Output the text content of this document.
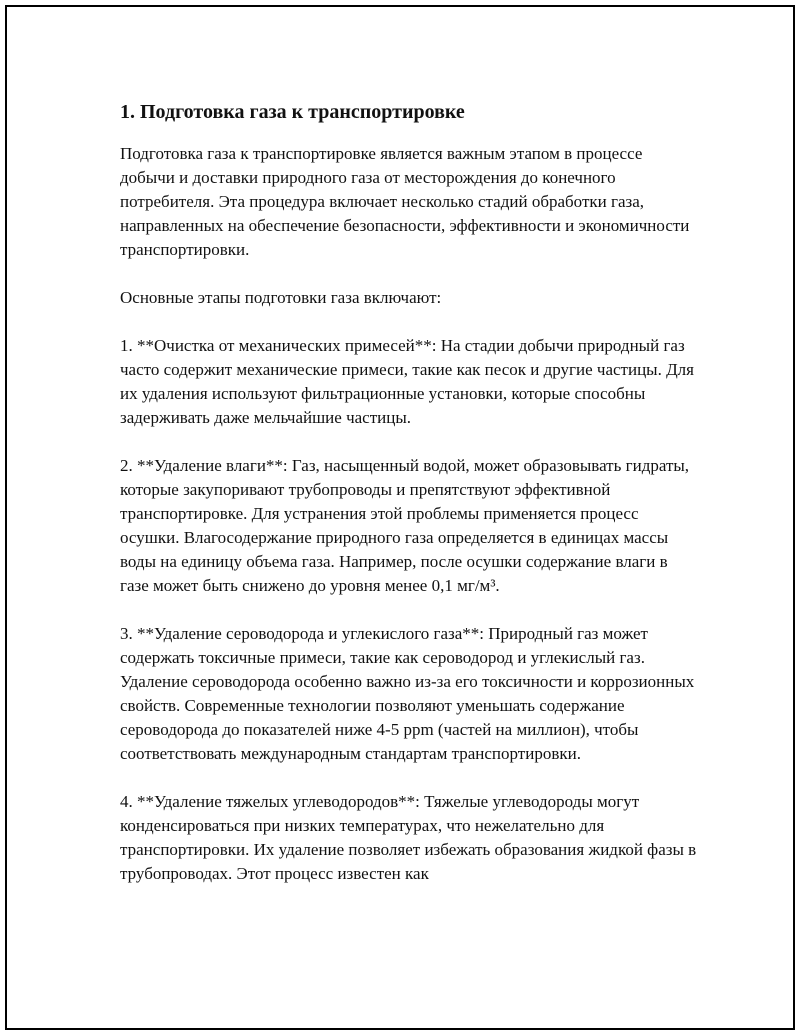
1. Подготовка газа к транспортировке

Подготовка газа к транспортировке является важным этапом в процессе добычи и доставки природного газа от месторождения до конечного потребителя. Эта процедура включает несколько стадий обработки газа, направленных на обеспечение безопасности, эффективности и экономичности транспортировки.

Основные этапы подготовки газа включают:

1. **Очистка от механических примесей**: На стадии добычи природный газ часто содержит механические примеси, такие как песок и другие частицы. Для их удаления используют фильтрационные установки, которые способны задерживать даже мельчайшие частицы.

2. **Удаление влаги**: Газ, насыщенный водой, может образовывать гидраты, которые закупоривают трубопроводы и препятствуют эффективной транспортировке. Для устранения этой проблемы применяется процесс осушки. Влагосодержание природного газа определяется в единицах массы воды на единицу объема газа. Например, после осушки содержание влаги в газе может быть снижено до уровня менее 0,1 мг/м³.

3. **Удаление сероводорода и углекислого газа**: Природный газ может содержать токсичные примеси, такие как сероводород и углекислый газ. Удаление сероводорода особенно важно из-за его токсичности и коррозионных свойств. Современные технологии позволяют уменьшать содержание сероводорода до показателей ниже 4-5 ppm (частей на миллион), чтобы соответствовать международным стандартам транспортировки.

4. **Удаление тяжелых углеводородов**: Тяжелые углеводороды могут конденсироваться при низких температурах, что нежелательно для транспортировки. Их удаление позволяет избежать образования жидкой фазы в трубопроводах. Этот процесс известен как
